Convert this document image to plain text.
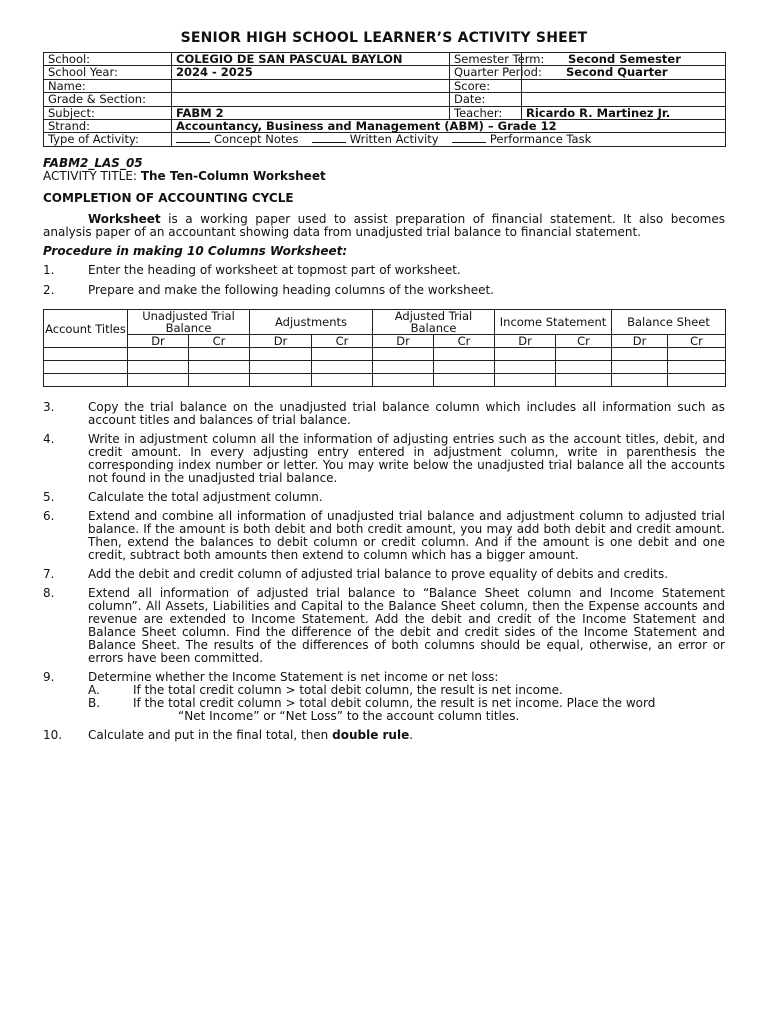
SENIOR HIGH SCHOOL LEARNER’S ACTIVITY SHEET
School:	COLEGIO DE SAN PASCUAL BAYLON	Semester Term:	Second Semester
School Year:	2024 - 2025	Quarter Period:	Second Quarter
Name:		Score:	
Grade & Section:		Date:	
Subject:	FABM 2	Teacher:	Ricardo R. Martinez Jr.
Strand:	Accountancy, Business and Management (ABM) – Grade 12		
Type of Activity:	Concept Notes Written Activity Performance Task		

FABM2_LAS_05

ACTIVITY TITLE: The Ten-Column Worksheet

COMPLETION OF ACCOUNTING CYCLE

Worksheet is a working paper used to assist preparation of financial statement. It also becomes analysis paper of an accountant showing data from unadjusted trial balance to financial statement.

Procedure in making 10 Columns Worksheet:

1.	Enter the heading of worksheet at topmost part of worksheet.
2.	Prepare and make the following heading columns of the worksheet.
Account Titles	Unadjusted Trial Balance		Adjustments		Adjusted Trial Balance		Income Statement		Balance Sheet	
	Dr	Cr	Dr	Cr	Dr	Cr	Dr	Cr	Dr	Cr

3.	Copy the trial balance on the unadjusted trial balance column which includes all information such as account titles and balances of trial balance.
4.	Write in adjustment column all the information of adjusting entries such as the account titles, debit, and credit amount. In every adjusting entry entered in adjustment column, write in parenthesis the corresponding index number or letter. You may write below the unadjusted trial balance all the accounts not found in the unadjusted trial balance.
5.	Calculate the total adjustment column.
6.	Extend and combine all information of unadjusted trial balance and adjustment column to adjusted trial balance. If the amount is both debit and both credit amount, you may add both debit and credit amount. Then, extend the balances to debit column or credit column. And if the amount is one debit and one credit, subtract both amounts then extend to column which has a bigger amount.
7.	Add the debit and credit column of adjusted trial balance to prove equality of debits and credits.
8.	Extend all information of adjusted trial balance to “Balance Sheet column and Income Statement column”. All Assets, Liabilities and Capital to the Balance Sheet column, then the Expense accounts and revenue are extended to Income Statement. Add the debit and credit of the Income Statement and Balance Sheet column. Find the difference of the debit and credit sides of the Income Statement and Balance Sheet. The results of the differences of both columns should be equal, otherwise, an error or errors have been committed.
9.	Determine whether the Income Statement is net income or net loss:
A.	If the total credit column > total debit column, the result is net income.
B.	If the total credit column > total debit column, the result is net income. Place the word
“Net Income” or “Net Loss” to the account column titles.
10.	Calculate and put in the final total, then double rule.
